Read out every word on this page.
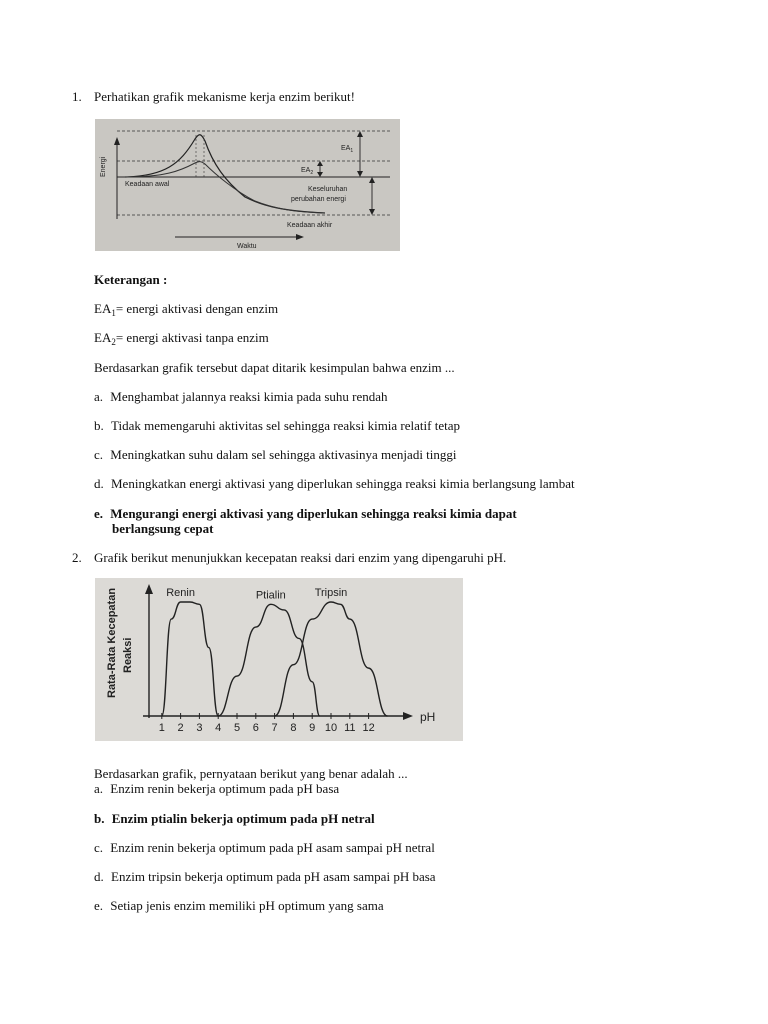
1. Perhatikan grafik mekanisme kerja enzim berikut!
Energi
Waktu
$EA_1$
$EA_2$
Keadaan awal
Keseluruhan
perubahan energi
Keadaan akhir
Keterangan :
$EA_1=$ energi aktivasi dengan enzim
$EA_2=$ energi aktivasi tanpa enzim
Berdasarkan grafik tersebut dapat ditarik kesimpulan bahwa enzim ...
a. Menghambat jalannya reaksi kimia pada suhu rendah
b. Tidak memengaruhi aktivitas sel sehingga reaksi kimia relatif tetap
c. Meningkatkan suhu dalam sel sehingga aktivasinya menjadi tinggi
d. Meningkatkan energi aktivasi yang diperlukan sehingga reaksi kimia berlangsung lambat
e. Mengurangi energi aktivasi yang diperlukan sehingga reaksi kimia dapat
berlangsung cepat
2. Grafik berikut menunjukkan kecepatan reaksi dari enzim yang dipengaruhi pH.
Rata-Rata Kecepatan Reaksi
pH
1 2 3 4 5 6 7 8 9 10 11 12
Renin	Ptialin	Tripsin
Berdasarkan grafik, pernyataan berikut yang benar adalah ...
a. Enzim renin bekerja optimum pada pH basa
b. Enzim ptialin bekerja optimum pada pH netral
c. Enzim renin bekerja optimum pada pH asam sampai pH netral
d. Enzim tripsin bekerja optimum pada pH asam sampai pH basa
e. Setiap jenis enzim memiliki pH optimum yang sama
